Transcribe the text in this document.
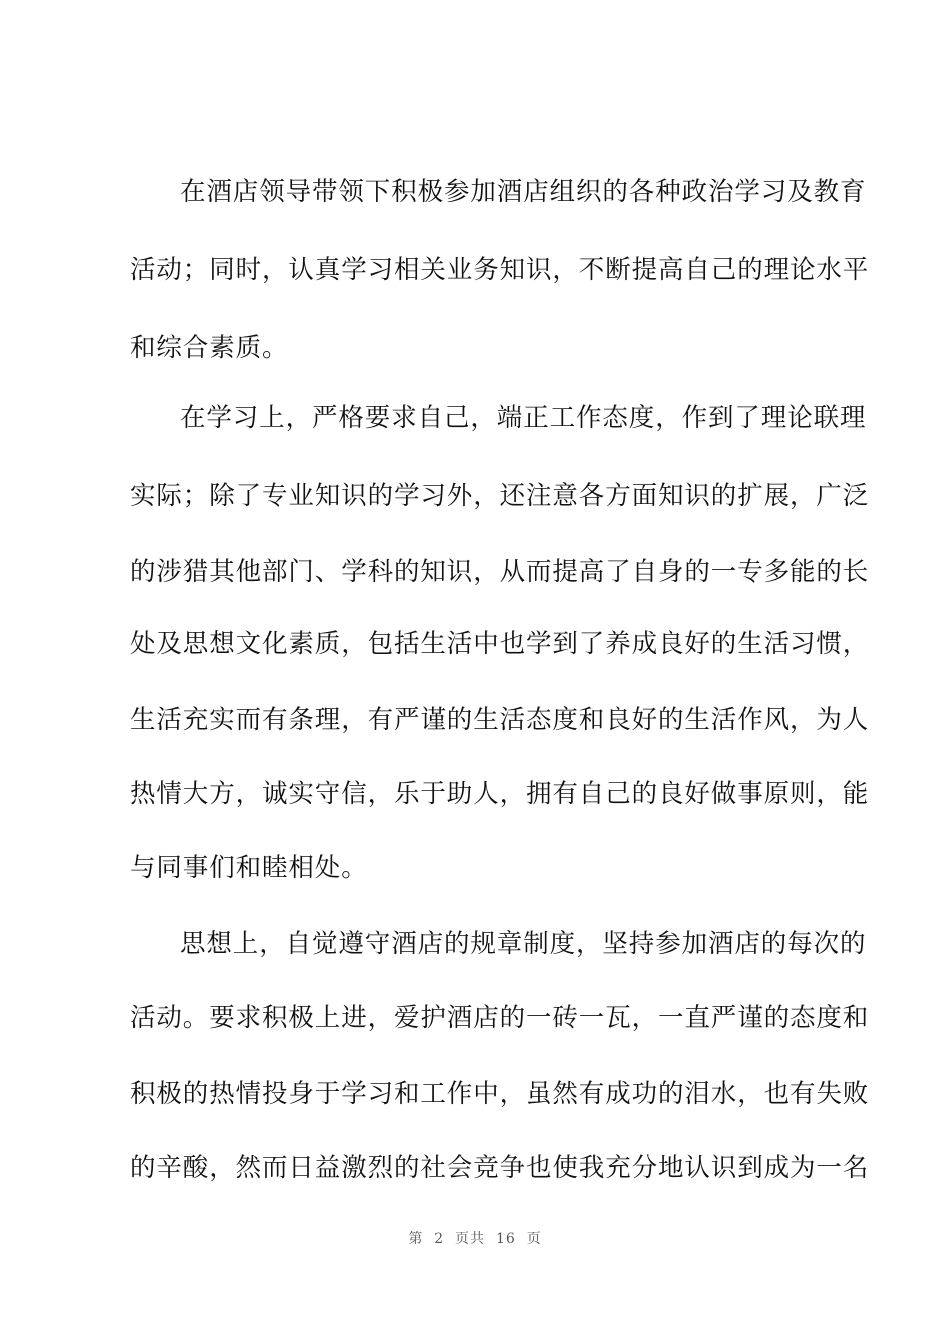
在酒店领导带领下积极参加酒店组织的各种政治学习及教育
活动；同时，认真学习相关业务知识，不断提高自己的理论水平
和综合素质。
在学习上，严格要求自己，端正工作态度，作到了理论联理
实际；除了专业知识的学习外，还注意各方面知识的扩展，广泛
的涉猎其他部门、学科的知识，从而提高了自身的一专多能的长
处及思想文化素质，包括生活中也学到了养成良好的生活习惯，
生活充实而有条理，有严谨的生活态度和良好的生活作风，为人
热情大方，诚实守信，乐于助人，拥有自己的良好做事原则，能
与同事们和睦相处。
思想上，自觉遵守酒店的规章制度，坚持参加酒店的每次的
活动。要求积极上进，爱护酒店的一砖一瓦，一直严谨的态度和
积极的热情投身于学习和工作中，虽然有成功的泪水，也有失败
的辛酸，然而日益激烈的社会竞争也使我充分地认识到成为一名
第 2 页共 16 页
